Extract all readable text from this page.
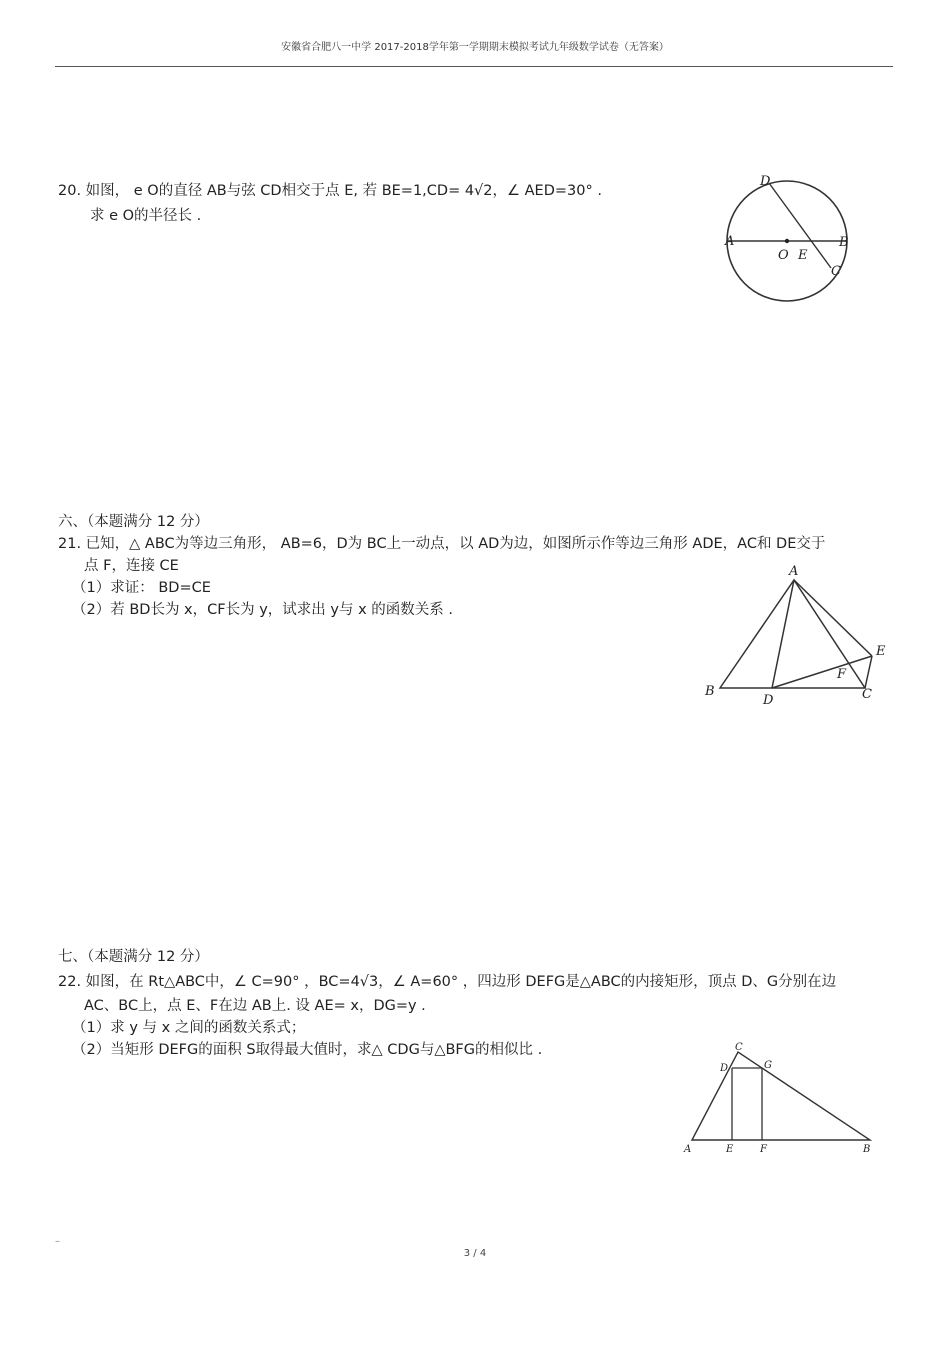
安徽省合肥八一中学 2017-2018学年第一学期期末模拟考试九年级数学试卷（无答案）
20. 如图， e O的直径 AB与弦 CD相交于点 E, 若 BE=1,CD= 4√2，∠ AED=30° .
求 e O的半径长 .
D
A	B
O E
C
六、（本题满分 12 分）
21. 已知，△ ABC为等边三角形， AB=6，D为 BC上一动点，以 AD为边，如图所示作等边三角形 ADE，AC和 DE交于
点 F，连接 CE
（1）求证： BD=CE
（2）若 BD长为 x，CF长为 y，试求出 y与 x 的函数关系 .
A
B
D	C
E
F
七、（本题满分 12 分）
22. 如图，在 Rt△ABC中，∠ C=90° ，BC=4√3，∠ A=60° ，四边形 DEFG是△ABC的内接矩形，顶点 D、G分别在边
AC、BC上，点 E、F在边 AB上. 设 AE= x，DG=y .
（1）求 y 与 x 之间的函数关系式；
（2）当矩形 DEFG的面积 S取得最大值时，求△ CDG与△BFG的相似比 .	C
D	G
A	E	F	B
–
3 / 4
